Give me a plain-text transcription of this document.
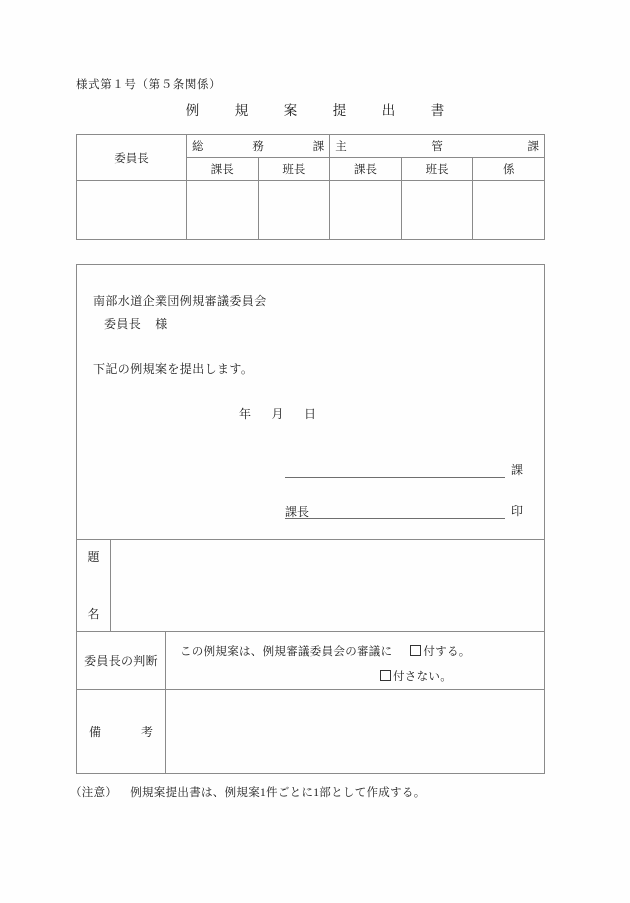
様式第１号（第５条関係）
例　規　案　提　出　書
委員長	総 務 課		主 管 課		

	課長	班長	課長	班長	係

南部水道企業団例規審議委員会
委員長 様
下記の例規案を提出します。
年 月 日
課
課長	印
題
名
委員長の判断
この例規案は、例規審議委員会の審議に	付する。
付さない。
備	考
（注意） 例規案提出書は、例規案1件ごとに1部として作成する。
